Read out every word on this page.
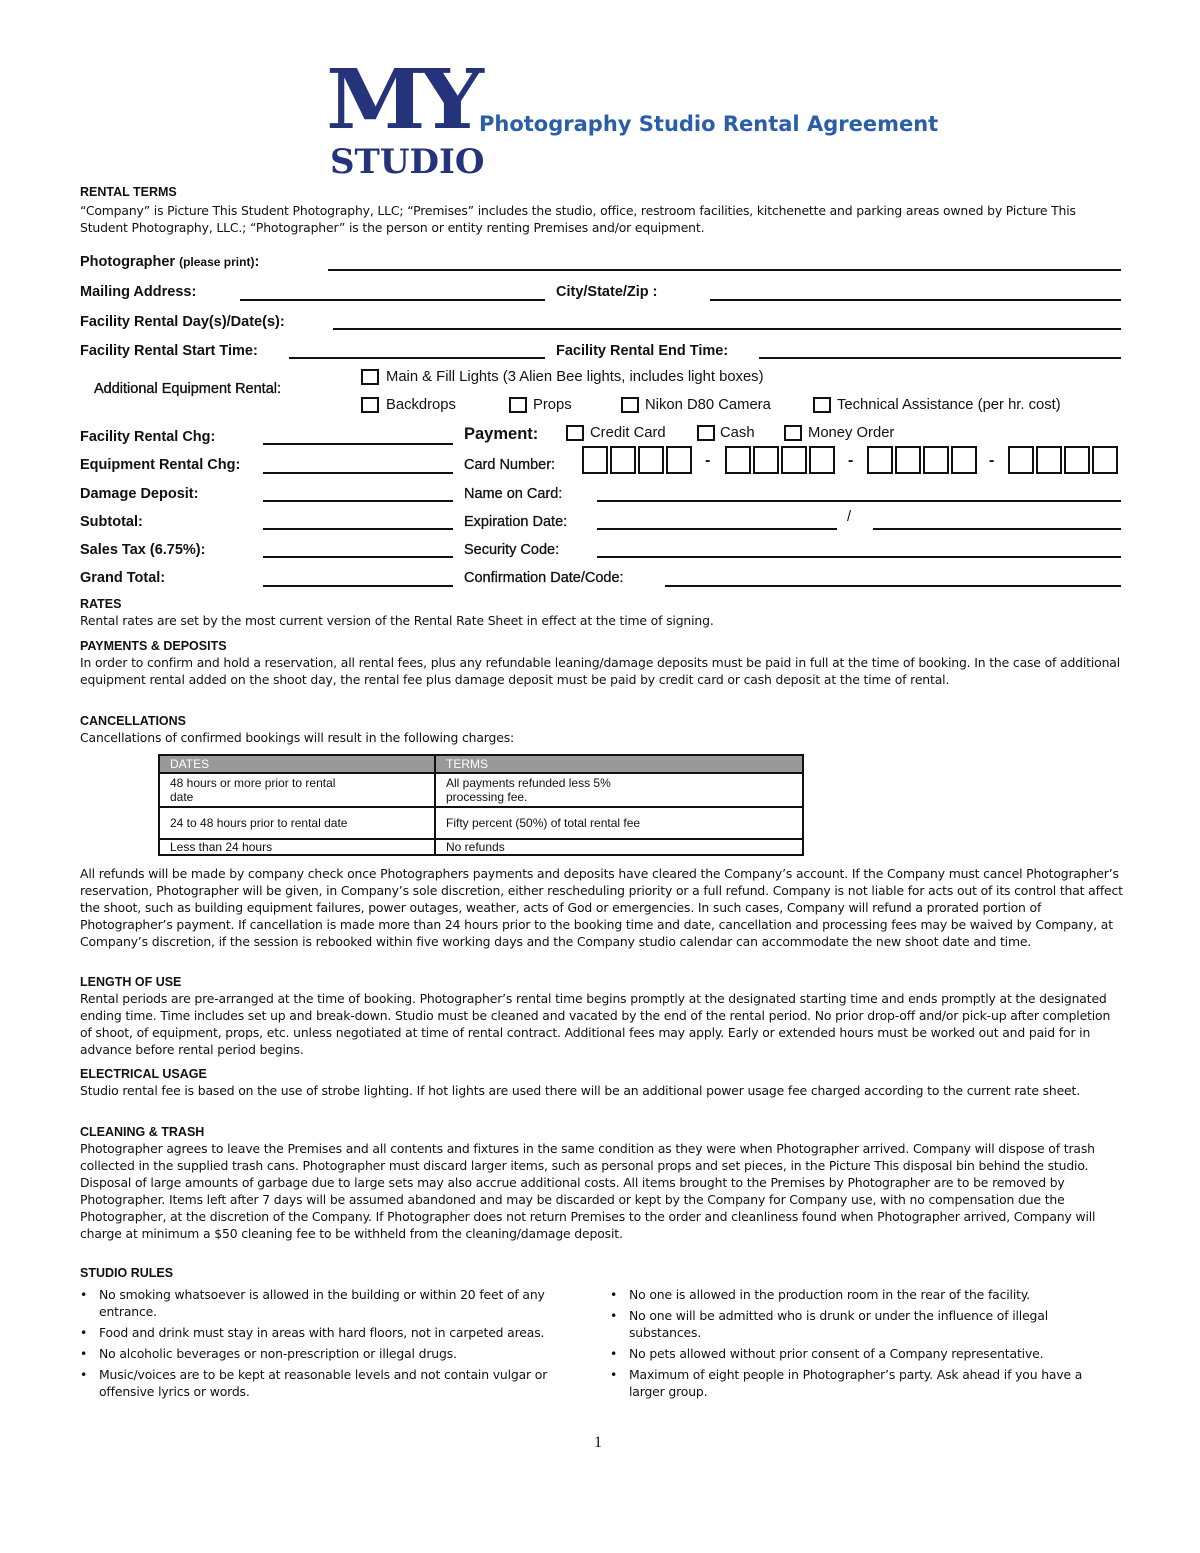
MY
STUDIO
Photography Studio Rental Agreement
RENTAL TERMS
“Company” is Picture This Student Photography, LLC; “Premises” includes the studio, office, restroom facilities, kitchenette and parking areas owned by Picture This Student Photography, LLC.; “Photographer” is the person or entity renting Premises and/or equipment.
Photographer (please print):
Mailing Address:	City/State/Zip :
Facility Rental Day(s)/Date(s):
Facility Rental Start Time:	Facility Rental End Time:
Additional Equipment Rental:
Main & Fill Lights (3 Alien Bee lights, includes light boxes)
Backdrops	Props	Nikon D80 Camera	Technical Assistance (per hr. cost)
Facility Rental Chg:
Equipment Rental Chg:
Damage Deposit:
Subtotal:
Sales Tax (6.75%):
Grand Total:
Payment:	Credit Card	Cash	Money Order
Card Number:	-	-	-
Name on Card:
Expiration Date:	/
Security Code:
Confirmation Date/Code:
RATES
Rental rates are set by the most current version of the Rental Rate Sheet in effect at the time of signing.
PAYMENTS & DEPOSITS
In order to confirm and hold a reservation, all rental fees, plus any refundable leaning/damage deposits must be paid in full at the time of booking. In the case of additional equipment rental added on the shoot day, the rental fee plus damage deposit must be paid by credit card or cash deposit at the time of rental.
CANCELLATIONS
Cancellations of confirmed bookings will result in the following charges:
DATES	TERMS
48 hours or more prior to rental date	All payments refunded less 5% processing fee.
24 to 48 hours prior to rental date	Fifty percent (50%) of total rental fee
Less than 24 hours	No refunds
All refunds will be made by company check once Photographers payments and deposits have cleared the Company’s account. If the Company must cancel Photographer’s reservation, Photographer will be given, in Company’s sole discretion, either rescheduling priority or a full refund. Company is not liable for acts out of its control that affect the shoot, such as building equipment failures, power outages, weather, acts of God or emergencies. In such cases, Company will refund a prorated portion of Photographer’s payment. If cancellation is made more than 24 hours prior to the booking time and date, cancellation and processing fees may be waived by Company, at Company’s discretion, if the session is rebooked within five working days and the Company studio calendar can accommodate the new shoot date and time.
LENGTH OF USE
Rental periods are pre-arranged at the time of booking. Photographer’s rental time begins promptly at the designated starting time and ends promptly at the designated ending time. Time includes set up and break-down. Studio must be cleaned and vacated by the end of the rental period. No prior drop-off and/or pick-up after completion of shoot, of equipment, props, etc. unless negotiated at time of rental contract. Additional fees may apply. Early or extended hours must be worked out and paid for in advance before rental period begins.
ELECTRICAL USAGE
Studio rental fee is based on the use of strobe lighting. If hot lights are used there will be an additional power usage fee charged according to the current rate sheet.
CLEANING & TRASH
Photographer agrees to leave the Premises and all contents and fixtures in the same condition as they were when Photographer arrived. Company will dispose of trash collected in the supplied trash cans. Photographer must discard larger items, such as personal props and set pieces, in the Picture This disposal bin behind the studio. Disposal of large amounts of garbage due to large sets may also accrue additional costs. All items brought to the Premises by Photographer are to be removed by Photographer. Items left after 7 days will be assumed abandoned and may be discarded or kept by the Company for Company use, with no compensation due the Photographer, at the discretion of the Company. If Photographer does not return Premises to the order and cleanliness found when Photographer arrived, Company will charge at minimum a $50 cleaning fee to be withheld from the cleaning/damage deposit.
STUDIO RULES
• No smoking whatsoever is allowed in the building or within 20 feet of any entrance.
• Food and drink must stay in areas with hard floors, not in carpeted areas.
• No alcoholic beverages or non-prescription or illegal drugs.
• Music/voices are to be kept at reasonable levels and not contain vulgar or offensive lyrics or words.
• No one is allowed in the production room in the rear of the facility.
• No one will be admitted who is drunk or under the influence of illegal substances.
• No pets allowed without prior consent of a Company representative.
• Maximum of eight people in Photographer’s party. Ask ahead if you have a larger group.
1
